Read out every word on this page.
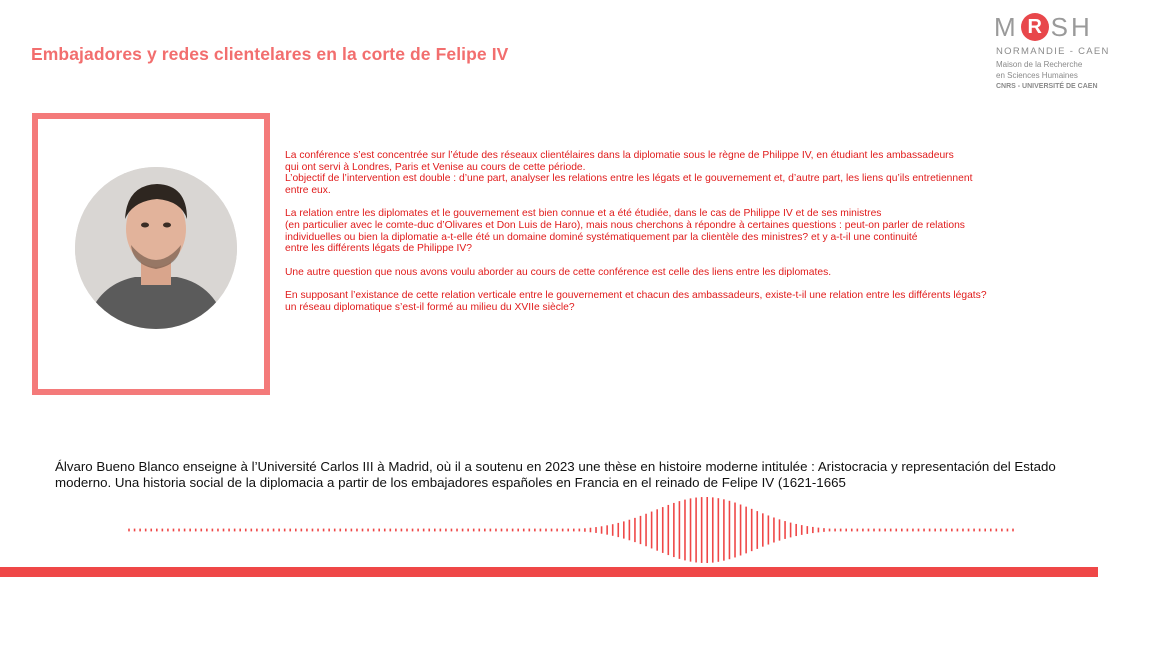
Embajadores y redes clientelares en la corte de Felipe IV
M R SH
NORMANDIE - CAEN
Maison de la Recherche
en Sciences Humaines
CNRS - UNIVERSITÉ DE CAEN

La conférence s’est concentrée sur l’étude des réseaux clientélaires dans la diplomatie sous le règne de Philippe IV, en étudiant les ambassadeurs
qui ont servi à Londres, Paris et Venise au cours de cette période.
L’objectif de l’intervention est double : d’une part, analyser les relations entre les légats et le gouvernement et, d’autre part, les liens qu’ils entretiennent
entre eux.

La relation entre les diplomates et le gouvernement est bien connue et a été étudiée, dans le cas de Philippe IV et de ses ministres
(en particulier avec le comte-duc d’Olivares et Don Luis de Haro), mais nous cherchons à répondre à certaines questions : peut-on parler de relations
individuelles ou bien la diplomatie a-t-elle été un domaine dominé systématiquement par la clientèle des ministres? et y a-t-il une continuité
entre les différents légats de Philippe IV?

Une autre question que nous avons voulu aborder au cours de cette conférence est celle des liens entre les diplomates.

En supposant l’existance de cette relation verticale entre le gouvernement et chacun des ambassadeurs, existe-t-il une relation entre les différents légats?
un réseau diplomatique s’est-il formé au milieu du XVIIe siècle?

Álvaro Bueno Blanco enseigne à l’Université Carlos III à Madrid, où il a soutenu en 2023 une thèse en histoire moderne intitulée : Aristocracia y representación del Estado moderno. Una historia social de la diplomacia a partir de los embajadores españoles en Francia en el reinado de Felipe IV (1621-1665
